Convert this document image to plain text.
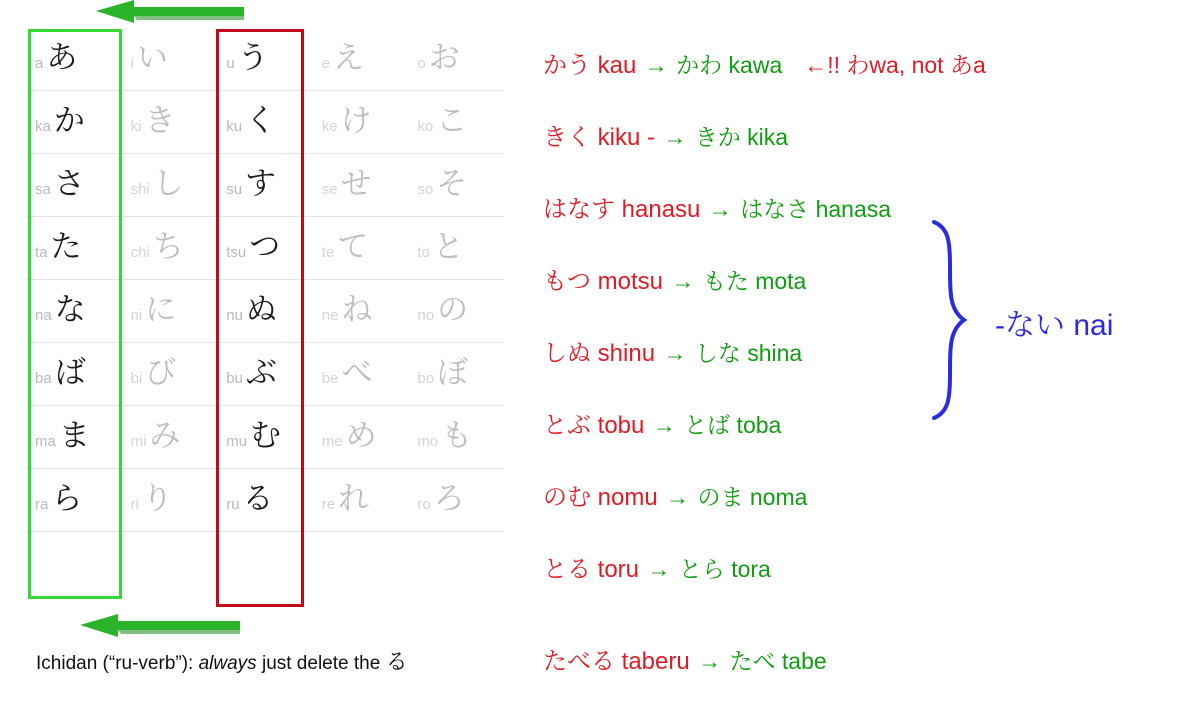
a あ	i い	u う	e え	o お
ka か	ki き	ku く	ke け	ko こ
sa さ	shi し	su す	se せ	so そ
ta た	chi ち	tsu つ	te て	to と
na な	ni に	nu ぬ	ne ね	no の
ba ば	bi び	bu ぶ	be べ	bo ぼ
ma ま	mi み	mu む	me め	mo も
ra ら	ri り	ru る	re れ	ro ろ
Ichidan (“ru-verb”): always just delete the る
かう kau → かわ kawa ←!! わwa, not あa
きく kiku - → きか kika
はなす hanasu → はなさ hanasa
もつ motsu → もた mota
しぬ shinu → しな shina
とぶ tobu → とば toba
のむ nomu → のま noma
とる toru → とら tora
たべる taberu → たべ tabe
-ない nai
